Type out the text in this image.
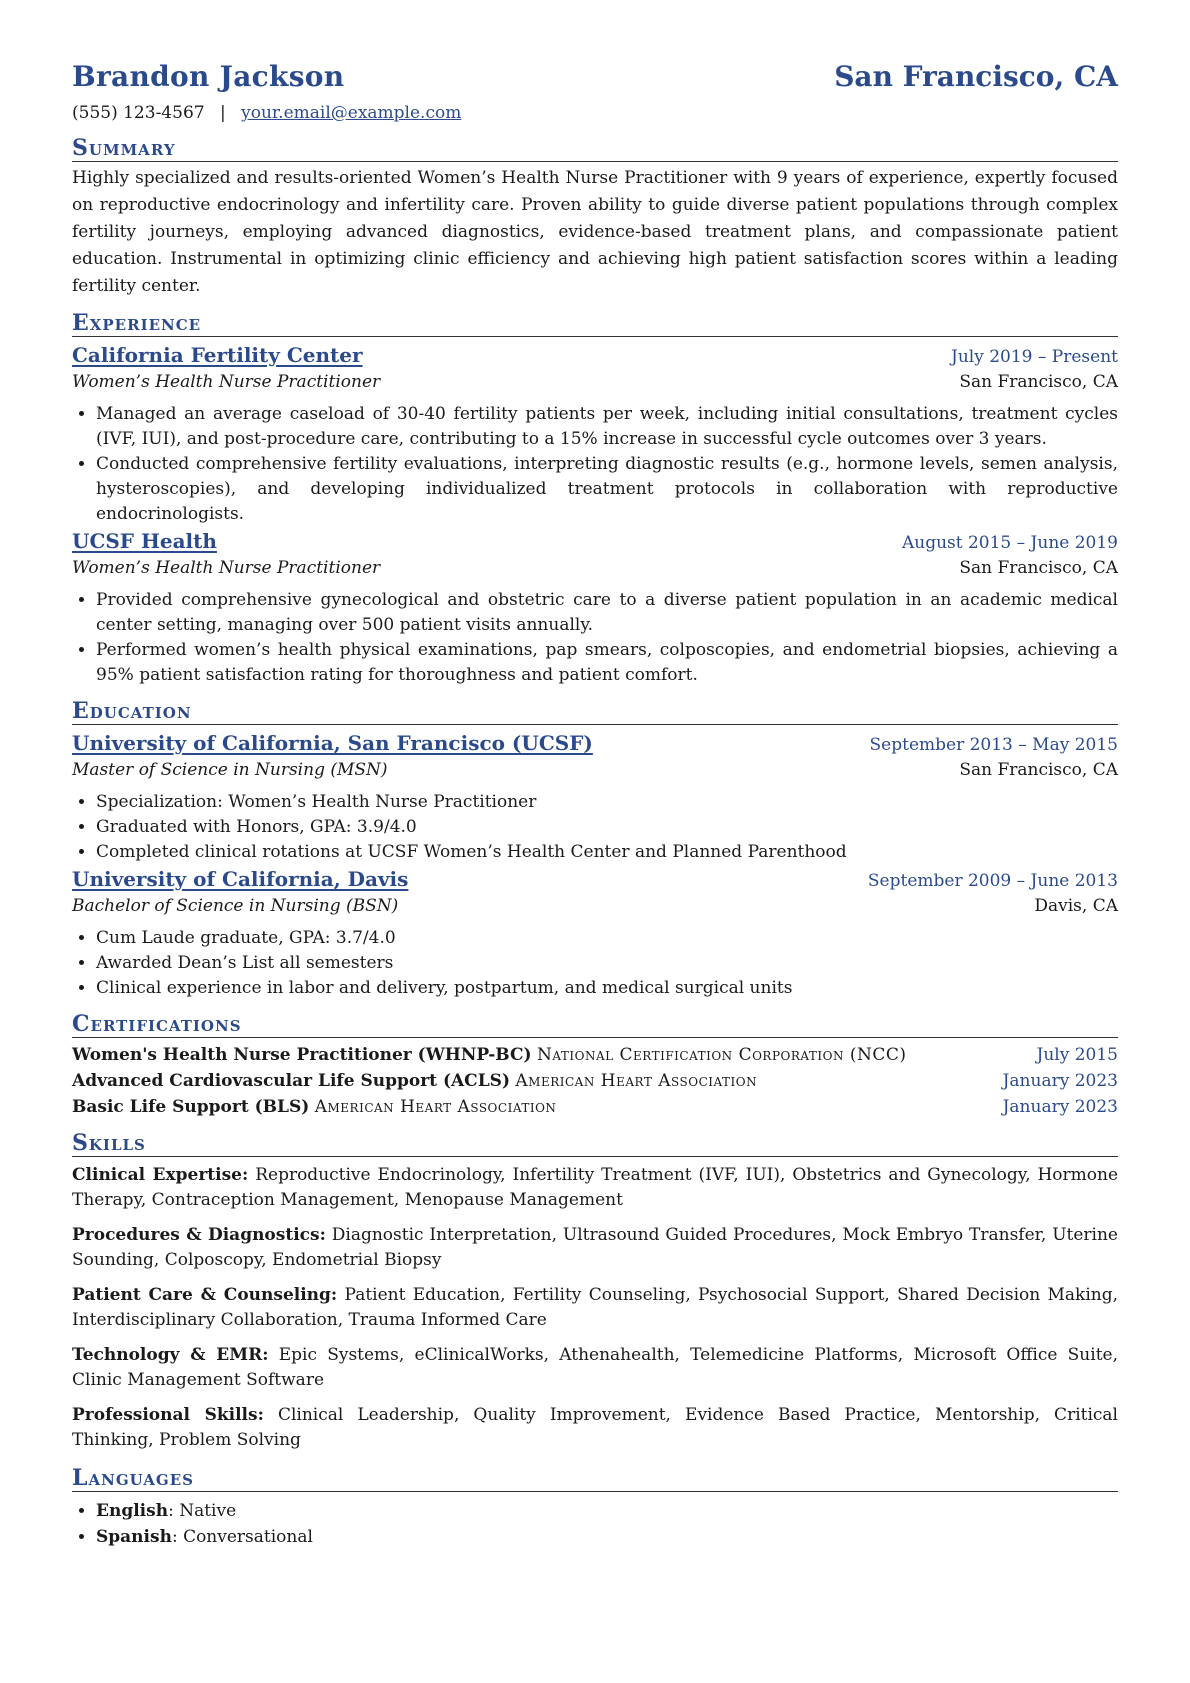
Brandon Jackson	San Francisco, CA
(555) 123-4567 | your.email@example.com
Summary
Highly specialized and results-oriented Women’s Health Nurse Practitioner with 9 years of experience, expertly focused on reproductive endocrinology and infertility care. Proven ability to guide diverse patient populations through complex fertility journeys, employing advanced diagnostics, evidence-based treatment plans, and compassionate patient education. Instrumental in optimizing clinic efficiency and achieving high patient satisfaction scores within a leading fertility center.
Experience
California Fertility Center	July 2019 – Present
Women’s Health Nurse Practitioner	San Francisco, CA
• Managed an average caseload of 30-40 fertility patients per week, including initial consultations, treatment cycles (IVF, IUI), and post-procedure care, contributing to a 15% increase in successful cycle outcomes over 3 years.
• Conducted comprehensive fertility evaluations, interpreting diagnostic results (e.g., hormone levels, semen analysis, hysteroscopies), and developing individualized treatment protocols in collaboration with reproductive endocrinologists.
UCSF Health	August 2015 – June 2019
Women’s Health Nurse Practitioner	San Francisco, CA
• Provided comprehensive gynecological and obstetric care to a diverse patient population in an academic medical center setting, managing over 500 patient visits annually.
• Performed women’s health physical examinations, pap smears, colposcopies, and endometrial biopsies, achieving a 95% patient satisfaction rating for thoroughness and patient comfort.
Education
University of California, San Francisco (UCSF)	September 2013 – May 2015
Master of Science in Nursing (MSN)	San Francisco, CA
• Specialization: Women’s Health Nurse Practitioner
• Graduated with Honors, GPA: 3.9/4.0
• Completed clinical rotations at UCSF Women’s Health Center and Planned Parenthood
University of California, Davis	September 2009 – June 2013
Bachelor of Science in Nursing (BSN)	Davis, CA
• Cum Laude graduate, GPA: 3.7/4.0
• Awarded Dean’s List all semesters
• Clinical experience in labor and delivery, postpartum, and medical surgical units
Certifications
Women's Health Nurse Practitioner (WHNP-BC) National Certification Corporation (NCC)	July 2015
Advanced Cardiovascular Life Support (ACLS) American Heart Association	January 2023
Basic Life Support (BLS) American Heart Association	January 2023
Skills
Clinical Expertise: Reproductive Endocrinology, Infertility Treatment (IVF, IUI), Obstetrics and Gynecology, Hormone Therapy, Contraception Management, Menopause Management
Procedures & Diagnostics: Diagnostic Interpretation, Ultrasound Guided Procedures, Mock Embryo Transfer, Uterine Sounding, Colposcopy, Endometrial Biopsy
Patient Care & Counseling: Patient Education, Fertility Counseling, Psychosocial Support, Shared Decision Making, Interdisciplinary Collaboration, Trauma Informed Care
Technology & EMR: Epic Systems, eClinicalWorks, Athenahealth, Telemedicine Platforms, Microsoft Office Suite, Clinic Management Software
Professional Skills: Clinical Leadership, Quality Improvement, Evidence Based Practice, Mentorship, Critical Thinking, Problem Solving
Languages
• English: Native
• Spanish: Conversational
